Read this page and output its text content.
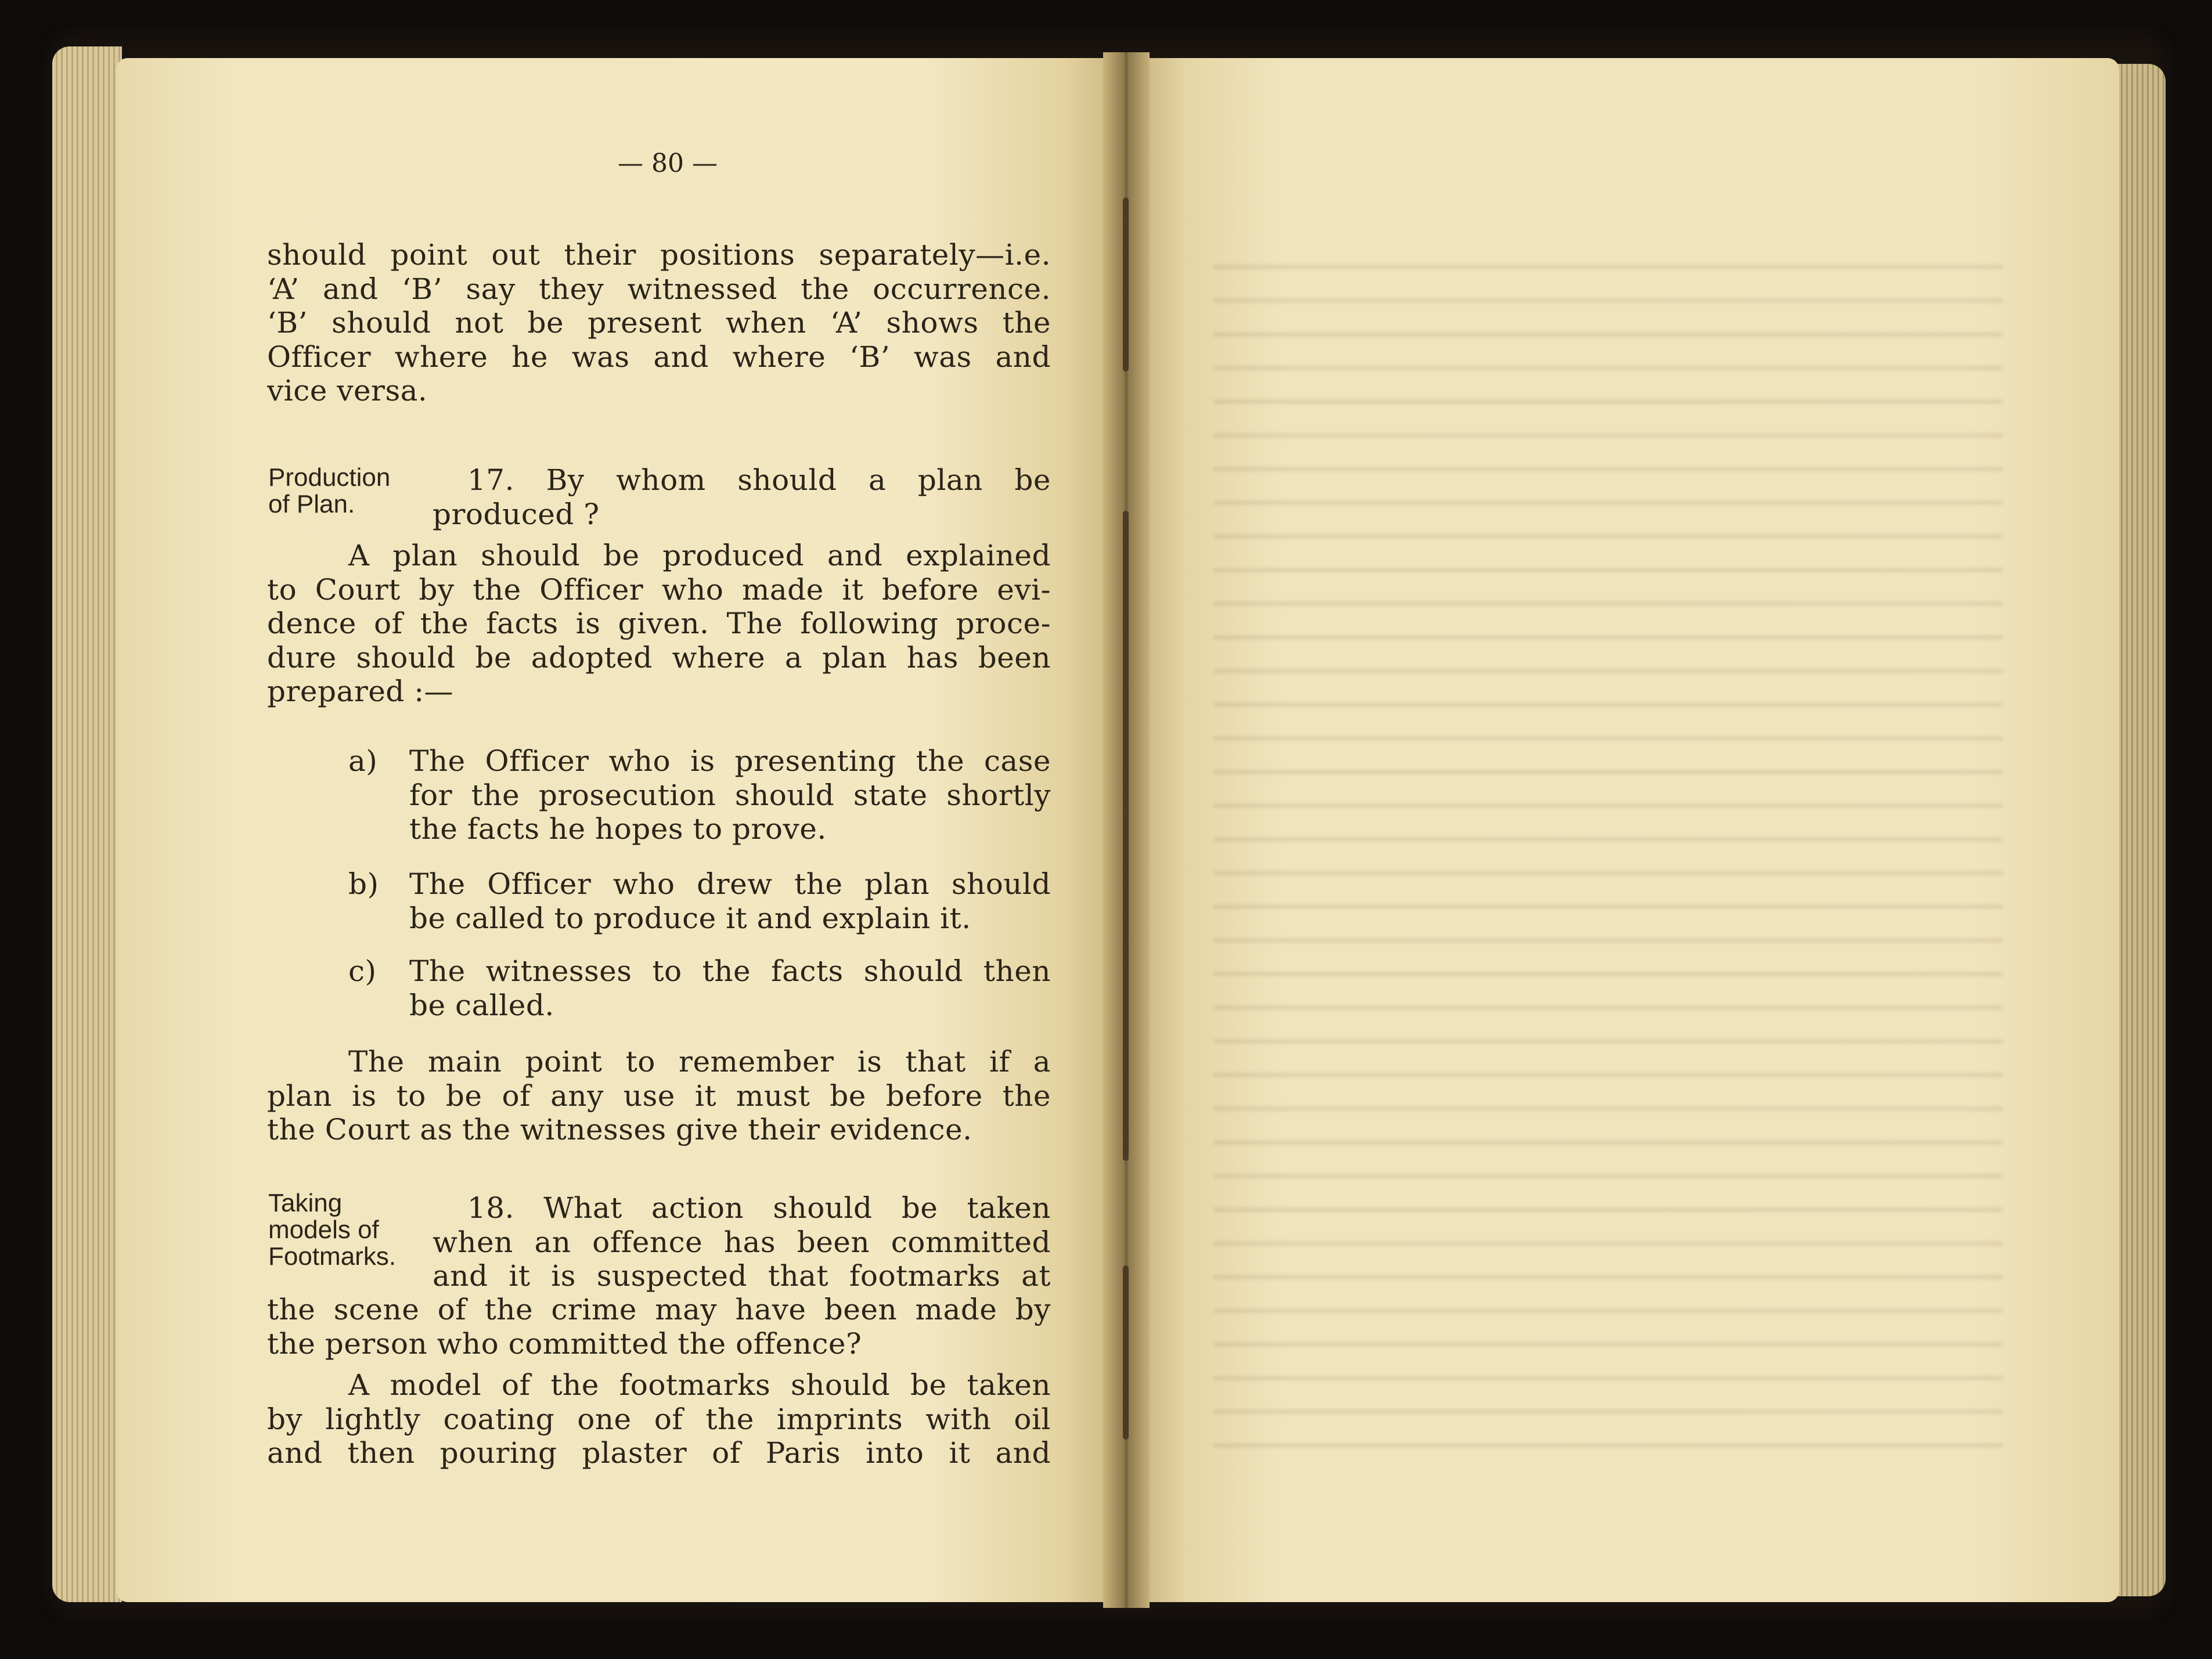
— 80 —
should point out their positions separately—i.e.
‘A’ and ‘B’ say they witnessed the occurrence.
‘B’ should not be present when ‘A’ shows the
Officer where he was and where ‘B’ was and
vice versa.
Production
of Plan.
17. By whom should a plan be
produced ?
A plan should be produced and explained
to Court by the Officer who made it before evi-
dence of the facts is given. The following proce-
dure should be adopted where a plan has been
prepared :—
a) The Officer who is presenting the case
for the prosecution should state shortly
the facts he hopes to prove.
b) The Officer who drew the plan should
be called to produce it and explain it.
c) The witnesses to the facts should then
be called.
The main point to remember is that if a
plan is to be of any use it must be before the
the Court as the witnesses give their evidence.
Taking
models of
Footmarks.
18. What action should be taken
when an offence has been committed
and it is suspected that footmarks at
the scene of the crime may have been made by
the person who committed the offence?
A model of the footmarks should be taken
by lightly coating one of the imprints with oil
and then pouring plaster of Paris into it and
